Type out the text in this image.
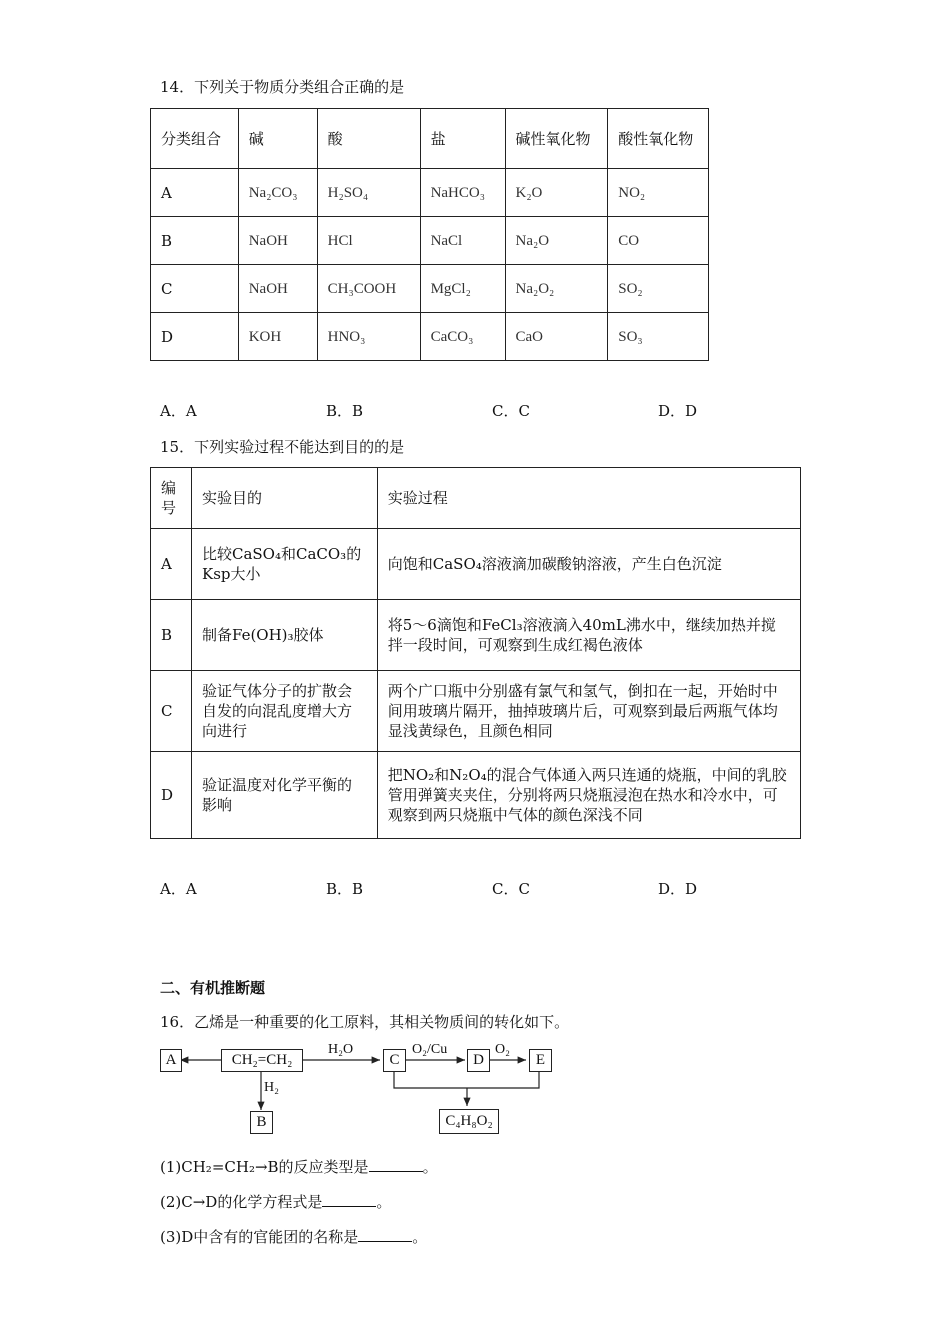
14．下列关于物质分类组合正确的是
分类组合	碱	酸	盐	碱性氧化物	酸性氧化物
A	Na₂CO₃	H₂SO₄	NaHCO₃	K₂O	NO₂
B	NaOH	HCl	NaCl	Na₂O	CO
C	NaOH	CH₃COOH	MgCl₂	Na₂O₂	SO₂
D	KOH	HNO₃	CaCO₃	CaO	SO₃
A．A	B．B	C．C	D．D
15．下列实验过程不能达到目的的是
编号	实验目的	实验过程
A	比较CaSO₄和CaCO₃的Ksp大小	向饱和CaSO₄溶液滴加碳酸钠溶液，产生白色沉淀
B	制备Fe(OH)₃胶体	将5～6滴饱和FeCl₃溶液滴入40mL沸水中，继续加热并搅拌一段时间，可观察到生成红褐色液体
C	验证气体分子的扩散会自发的向混乱度增大方向进行	两个广口瓶中分别盛有氯气和氢气，倒扣在一起，开始时中间用玻璃片隔开，抽掉玻璃片后，可观察到最后两瓶气体均显浅黄绿色，且颜色相同
D	验证温度对化学平衡的影响	把NO₂和N₂O₄的混合气体通入两只连通的烧瓶，中间的乳胶管用弹簧夹夹住，分别将两只烧瓶浸泡在热水和冷水中，可观察到两只烧瓶中气体的颜色深浅不同
A．A	B．B	C．C	D．D
二、有机推断题
16．乙烯是一种重要的化工原料，其相关物质间的转化如下。
A	CH₂=CH₂	C	D	E
B	C₄H₈O₂
H₂O
H₂
O₂/Cu	O₂
(1)CH₂=CH₂→B的反应类型是	。
(2)C→D的化学方程式是	。
(3)D中含有的官能团的名称是	。
